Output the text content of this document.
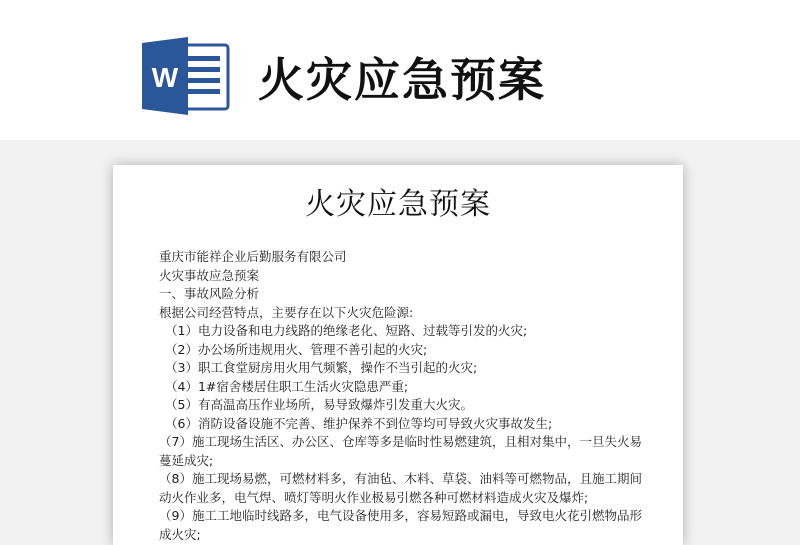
W 火灾应急预案
火灾应急预案

重庆市能祥企业后勤服务有限公司

火灾事故应急预案

一、事故风险分析

根据公司经营特点，主要存在以下火灾危险源:

（1）电力设备和电力线路的绝缘老化、短路、过载等引发的火灾;

（2）办公场所违规用火、管理不善引起的火灾;

（3）职工食堂厨房用火用气频繁，操作不当引起的火灾;

（4）1#宿舍楼居住职工生活火灾隐患严重;

（5）有高温高压作业场所，易导致爆炸引发重大火灾。

（6）消防设备设施不完善、维护保养不到位等均可导致火灾事故发生;

（7）施工现场生活区、办公区、仓库等多是临时性易燃建筑，且相对集中，一旦失火易蔓延成灾;

（8）施工现场易燃，可燃材料多，有油毡、木料、草袋、油料等可燃物品，且施工期间动火作业多，电气焊、喷灯等明火作业极易引燃各种可燃材料造成火灾及爆炸;

（9）施工工地临时线路多，电气设备使用多，容易短路或漏电，导致电火花引燃物品形成火灾;
